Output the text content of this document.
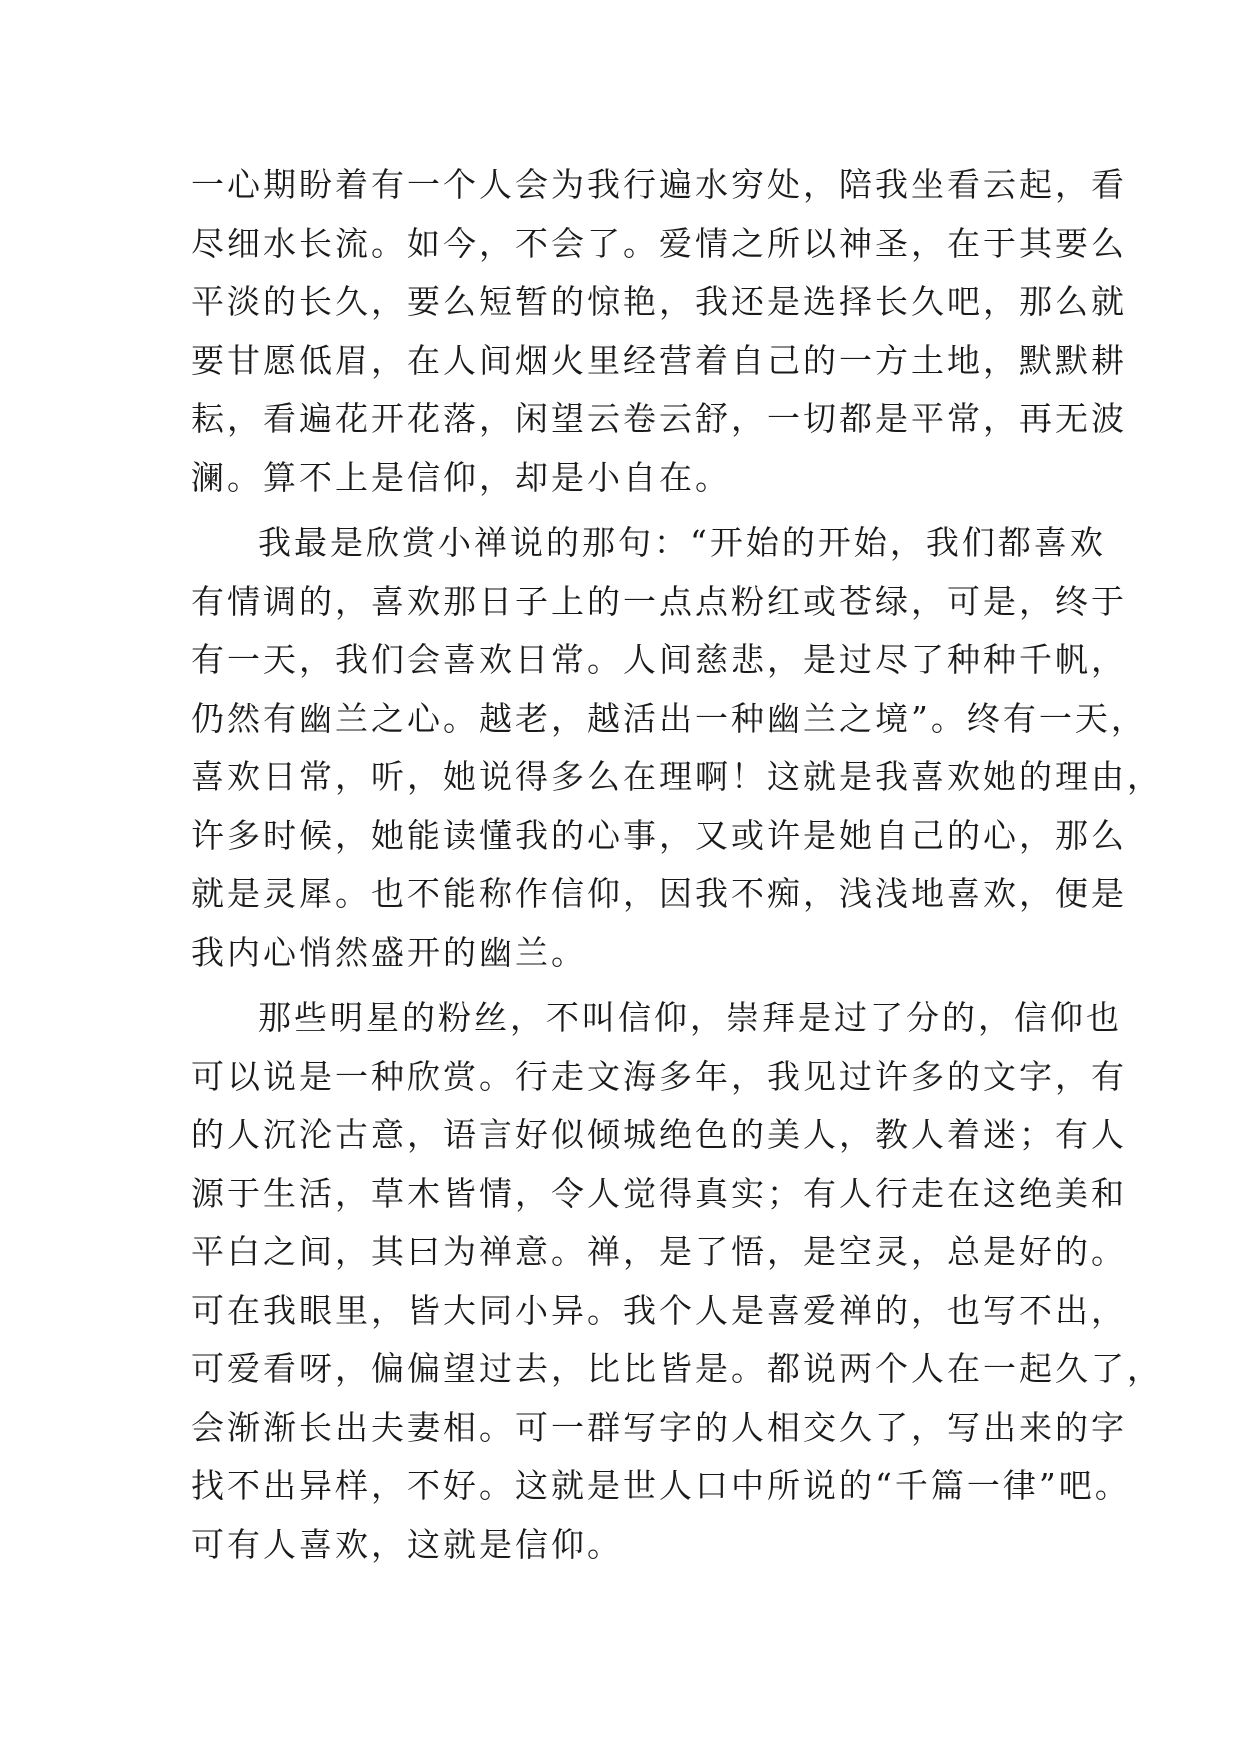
一心期盼着有一个人会为我行遍水穷处，陪我坐看云起，看
尽细水长流。如今，不会了。爱情之所以神圣，在于其要么
平淡的长久，要么短暂的惊艳，我还是选择长久吧，那么就
要甘愿低眉，在人间烟火里经营着自己的一方土地，默默耕
耘，看遍花开花落，闲望云卷云舒，一切都是平常，再无波
澜。算不上是信仰，却是小自在。
我最是欣赏小禅说的那句：“开始的开始，我们都喜欢
有情调的，喜欢那日子上的一点点粉红或苍绿，可是，终于
有一天，我们会喜欢日常。人间慈悲，是过尽了种种千帆，
仍然有幽兰之心。越老，越活出一种幽兰之境”。终有一天，
喜欢日常，听，她说得多么在理啊！这就是我喜欢她的理由，
许多时候，她能读懂我的心事，又或许是她自己的心，那么
就是灵犀。也不能称作信仰，因我不痴，浅浅地喜欢，便是
我内心悄然盛开的幽兰。
那些明星的粉丝，不叫信仰，崇拜是过了分的，信仰也
可以说是一种欣赏。行走文海多年，我见过许多的文字，有
的人沉沦古意，语言好似倾城绝色的美人，教人着迷；有人
源于生活，草木皆情，令人觉得真实；有人行走在这绝美和
平白之间，其曰为禅意。禅，是了悟，是空灵，总是好的。
可在我眼里，皆大同小异。我个人是喜爱禅的，也写不出，
可爱看呀，偏偏望过去，比比皆是。都说两个人在一起久了，
会渐渐长出夫妻相。可一群写字的人相交久了，写出来的字
找不出异样，不好。这就是世人口中所说的“千篇一律”吧。
可有人喜欢，这就是信仰。
